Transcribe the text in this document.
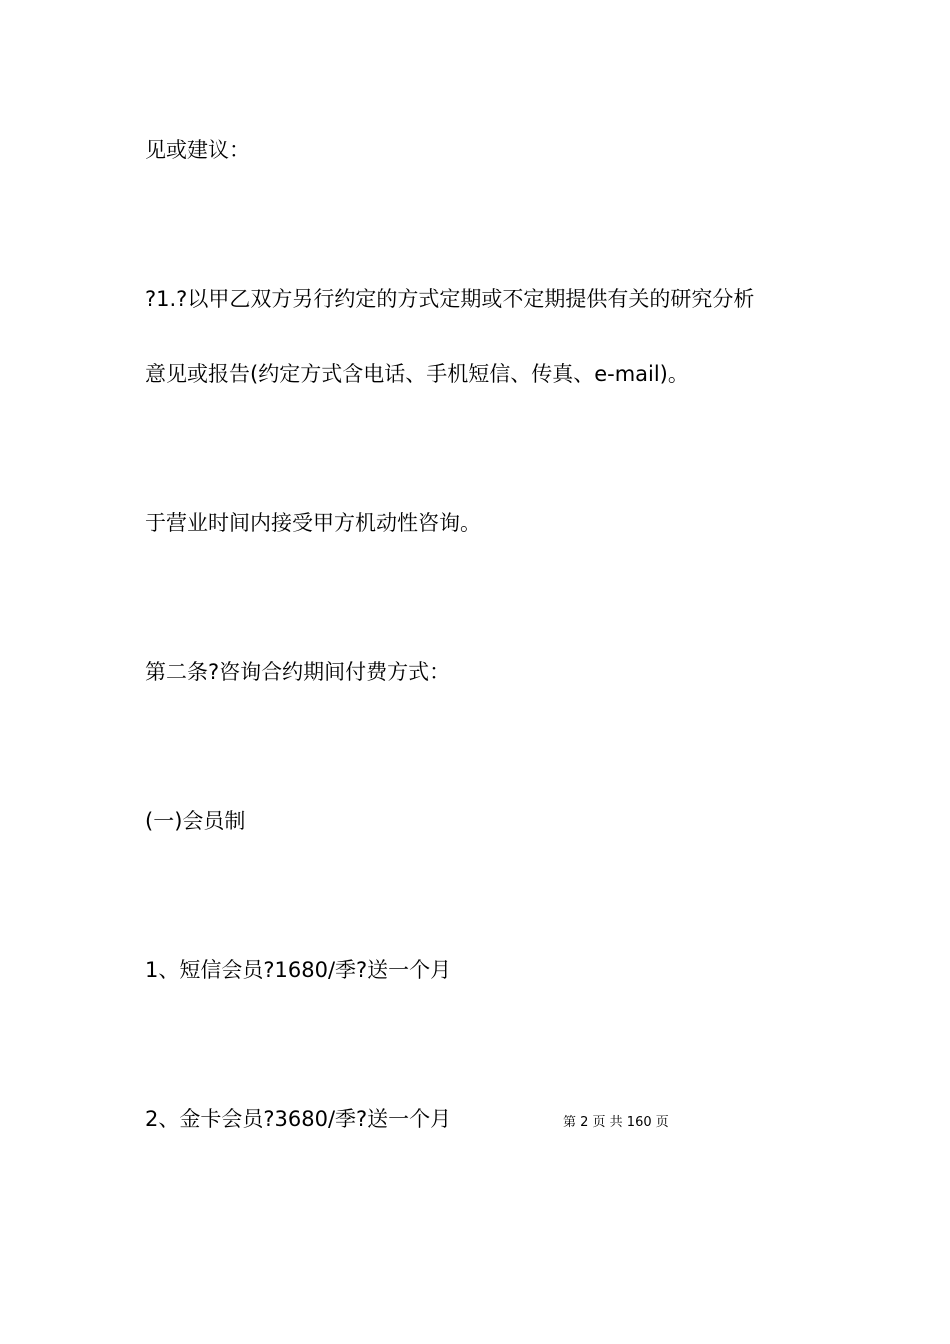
见或建议：
?1.?以甲乙双方另行约定的方式定期或不定期提供有关的研究分析
意见或报告(约定方式含电话、手机短信、传真、e-mail)。
于营业时间内接受甲方机动性咨询。
第二条?咨询合约期间付费方式：
(一)会员制
1、短信会员?1680/季?送一个月
2、金卡会员?3680/季?送一个月	第 2 页 共 160 页
